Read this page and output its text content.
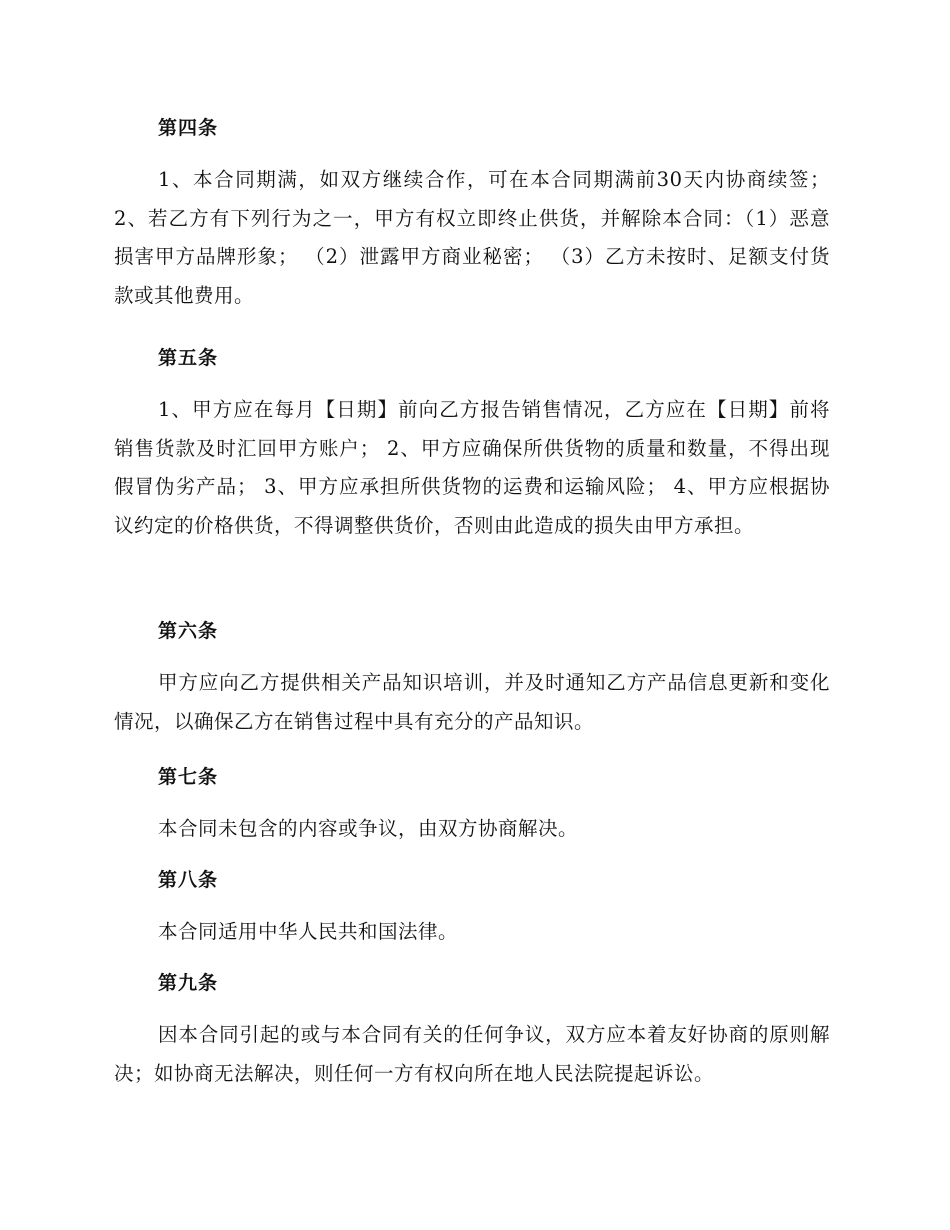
第四条

1、本合同期满，如双方继续合作，可在本合同期满前30天内协商续签； 2、若乙方有下列行为之一，甲方有权立即终止供货，并解除本合同：（1）恶意损害甲方品牌形象； （2）泄露甲方商业秘密； （3）乙方未按时、足额支付货款或其他费用。

第五条

1、甲方应在每月【日期】前向乙方报告销售情况，乙方应在【日期】前将销售货款及时汇回甲方账户； 2、甲方应确保所供货物的质量和数量，不得出现假冒伪劣产品； 3、甲方应承担所供货物的运费和运输风险； 4、甲方应根据协议约定的价格供货，不得调整供货价，否则由此造成的损失由甲方承担。

第六条

甲方应向乙方提供相关产品知识培训，并及时通知乙方产品信息更新和变化情况，以确保乙方在销售过程中具有充分的产品知识。

第七条

本合同未包含的内容或争议，由双方协商解决。

第八条

本合同适用中华人民共和国法律。

第九条

因本合同引起的或与本合同有关的任何争议，双方应本着友好协商的原则解决；如协商无法解决，则任何一方有权向所在地人民法院提起诉讼。
